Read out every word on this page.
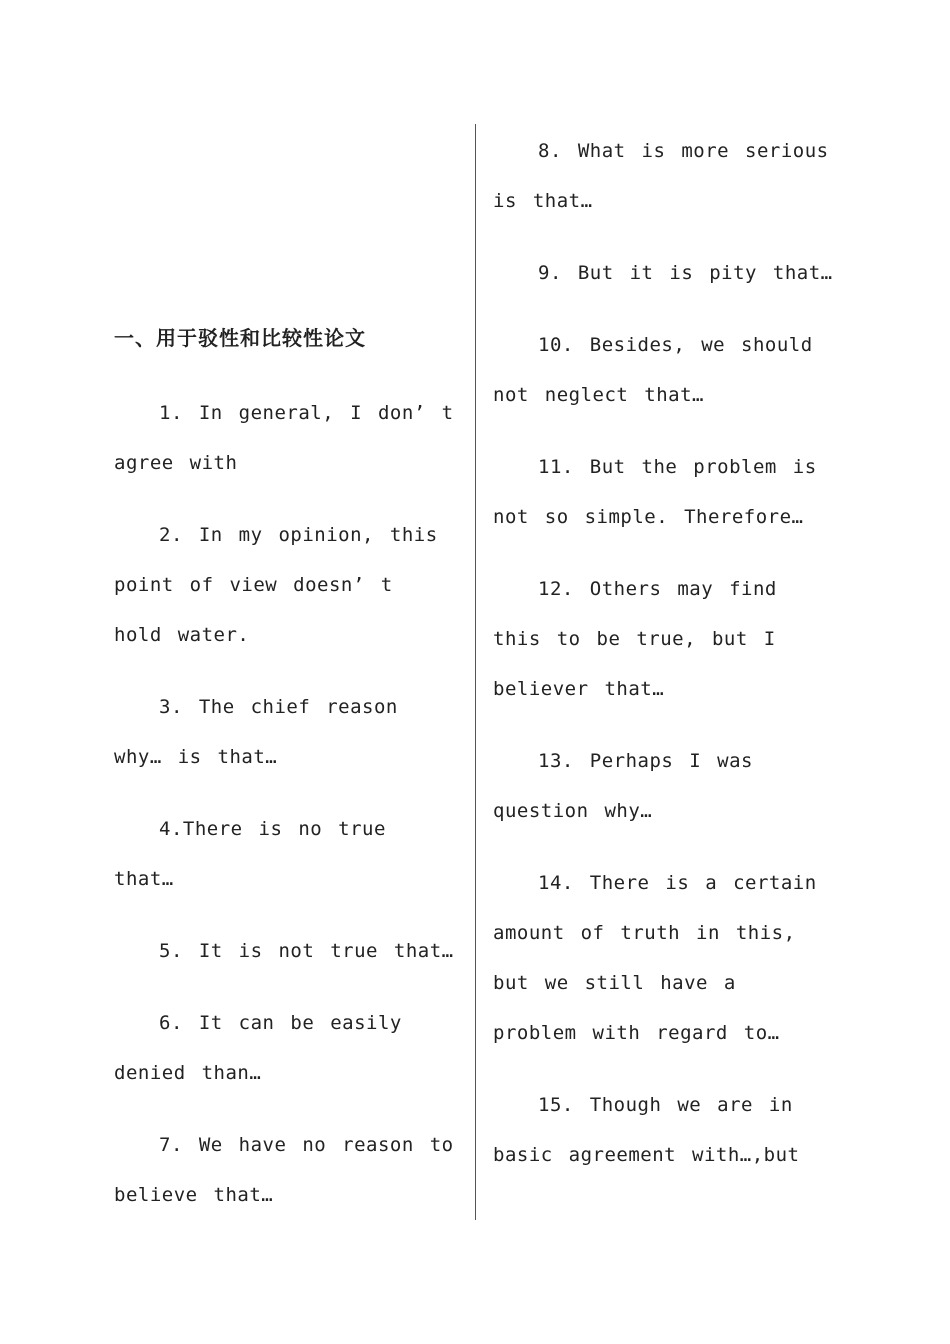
一、用于驳性和比较性论文

1. In general, I don’ t agree with

2. In my opinion, this point of view doesn’ t hold water.

3. The chief reason why… is that…

4.There is no true that…

5. It is not true that…

6. It can be easily denied than…

7. We have no reason to believe that…

8. What is more serious is that…

9. But it is pity that…

10. Besides, we should not neglect that…

11. But the problem is not so simple. Therefore…

12. Others may find this to be true, but I believer that…

13. Perhaps I was question why…

14. There is a certain amount of truth in this, but we still have a problem with regard to…

15. Though we are in basic agreement with…,but
